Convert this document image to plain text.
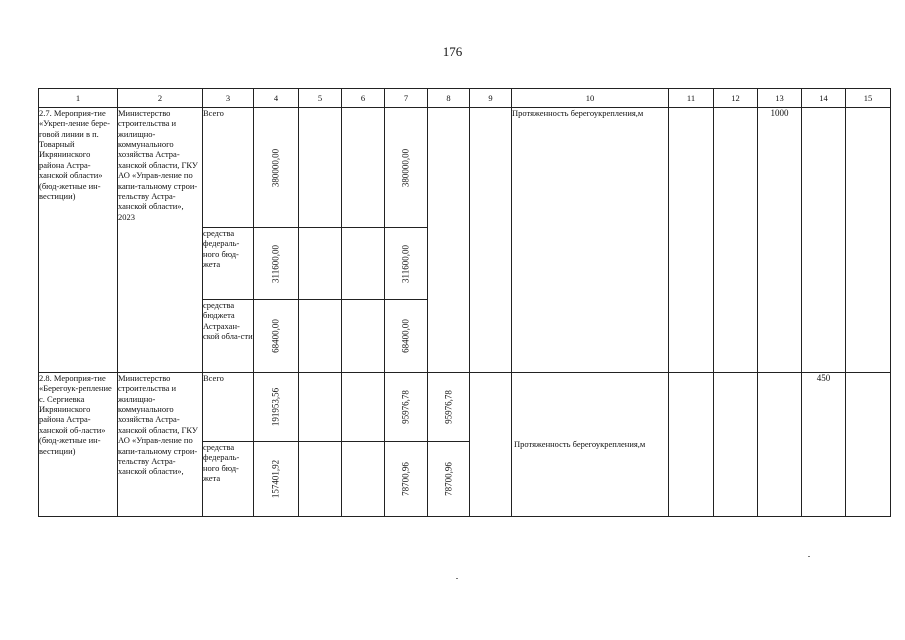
176
1	2	3	4	5	6	7	8	9	10	11	12	13	14	15
2.7. Мероприя-тие «Укреп-ление бере-говой линии в п. Товарный Икрянинского района Астра-ханской области» (бюд-жетные ин-вестиции)	Министерство строительства и жилищно-коммунального хозяйства Астра-ханской области, ГКУ АО «Управ-ление по капи-тальному строи-тельству Астра-ханской области», 2023	Всего	380000,00			380000,00			Протяженность берегоукрепления,м			1000		
		средства федераль-ного бюд-жета	311600,00			311600,00								

		средства бюджета Астрахан-ской обла-сти	68400,00			68400,00								

2.8. Мероприя-тие «Берегоук-репление с. Сергиевка Икрянинского района Астра-ханской об-ласти» (бюд-жетные ин-вестиции)	Министерство строительства и жилищно-коммунального хозяйства Астра-ханской области, ГКУ АО «Управ-ление по капи-тальному строи-тельству Астра-ханской области»,	Всего	191953,56			95976,78	95976,78		Протяженность берегоукрепления,м				450	
		средства федераль-ного бюд-жета	157401,92			78700,96	78700,96							
